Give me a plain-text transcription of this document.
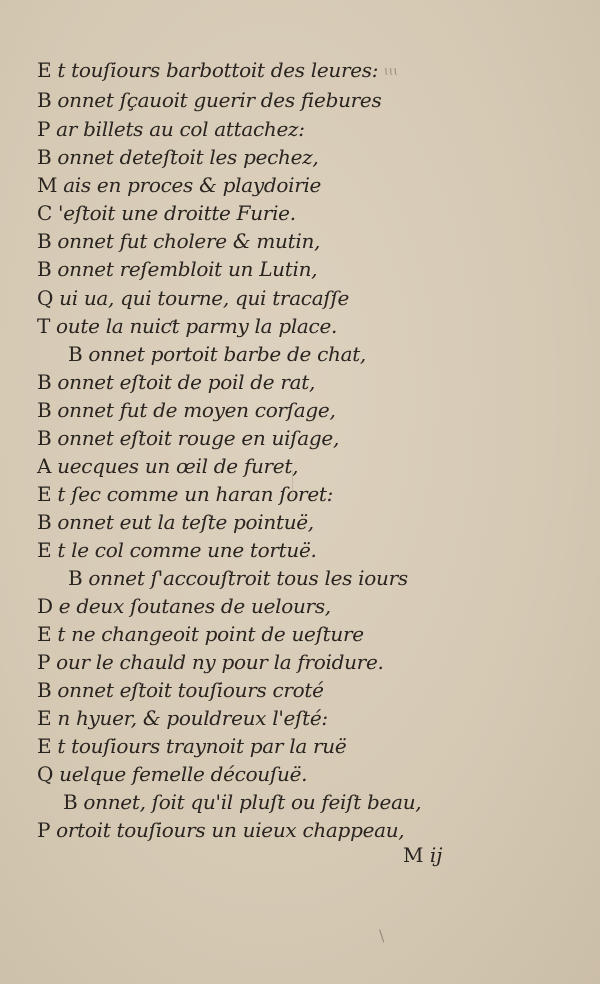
E t touſiours barbottoit des leures:
B onnet ſçauoit guerir des fiebures
P ar billets au col attachez:
B onnet deteſtoit les pechez,
M ais en proces & playdoirie
C 'eſtoit une droitte Furie.
B onnet fut cholere & mutin,
B onnet reſembloit un Lutin,
Q ui ua, qui tourne, qui tracaſſe
T oute la nuiƈt parmy la place.
B onnet portoit barbe de chat,
B onnet eſtoit de poil de rat,
B onnet fut de moyen corſage,
B onnet eſtoit rouge en uiſage,
A uecques un œil de furet,
E t ſec comme un haran ſoret:
B onnet eut la teſte pointuë,
E t le col comme une tortuë.
B onnet ſ'accouſtroit tous les iours
D e deux ſoutanes de uelours,
E t ne changeoit point de ueſture
P our le chauld ny pour la froidure.
B onnet eſtoit touſiours croté
E n hyuer, & pouldreux l'eſté:
E t touſiours traynoit par la ruë
Q uelque femelle découſuë.
B onnet, ſoit qu'il pluſt ou feiſt beau,
P ortoit touſiours un uieux chappeau,
M ij
ɩɩɩ
\
